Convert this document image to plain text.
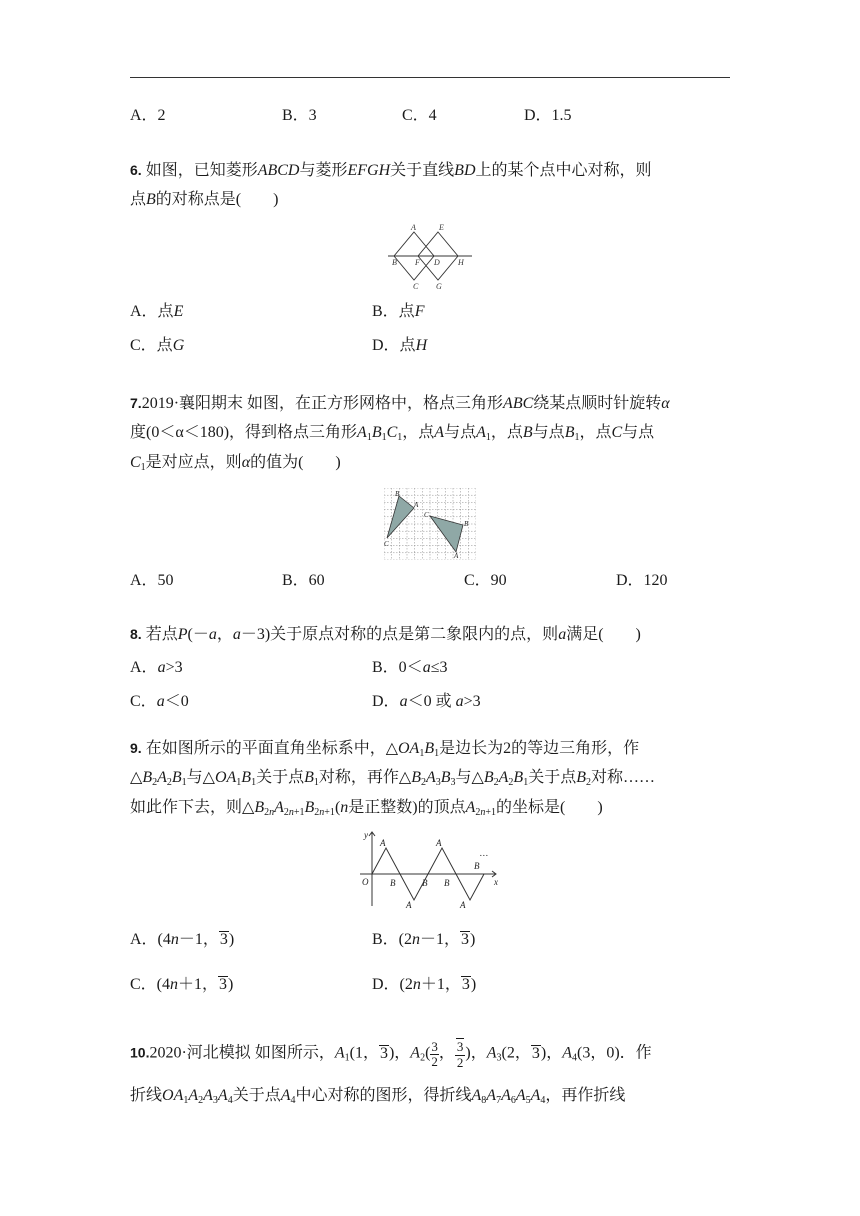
A．2	B．3	C．4	D．1.5
6. 如图，已知菱形ABCD与菱形EFGH关于直线BD上的某个点中心对称，则
点B的对称点是(　　)
A	E
B F D H
C G
A．点E	B．点F
C．点G	D．点H
7.2019·襄阳期末 如图，在正方形网格中，格点三角形ABC绕某点顺时针旋转α
度(0＜α＜180)，得到格点三角形$A_1B_1C_1$，点A与点$A_1$，点B与点$B_1$，点C与点
$C_1$是对应点，则α的值为(　　)
B
A
C
C
B
A
A．50	B．60	C．90	D．120
8. 若点P(－a，a－3)关于原点对称的点是第二象限内的点，则a满足(　　)
A．a>3	B．0＜a≤3
C．a＜0	D．a＜0 或 a>3
9. 在如图所示的平面直角坐标系中，$\triangle OA_1B_1$是边长为2的等边三角形，作
$\triangle B_2A_2B_1$与$\triangle OA_1B_1$关于点$B_1$对称，再作$\triangle B_2A_3B_3$与$\triangle B_2A_2B_1$关于点$B_2$对称……
如此作下去，则$\triangle B_{2n}A_{2n+1}B_{2n+1}(n$是正整数)的顶点$A_{2n+1}$的坐标是(　　)
y
A	A
O B	B B	x
A	A
B
…
A．(4n－1，3)	B．(2n－1，3)
C．(4n＋1，3)	D．(2n＋1，3)
10.2020·河北模拟 如图所示，$A_1(1$，3)，$A_2( \frac{3}{2}$ ， $\frac{3}{2}$ )，$A_3(2$，3)，$A_4(3$，0)．作
折线$OA_1A_2A_3A_4$关于点$A_4$中心对称的图形，得折线$A_8A_7A_6A_5A_4$，再作折线
